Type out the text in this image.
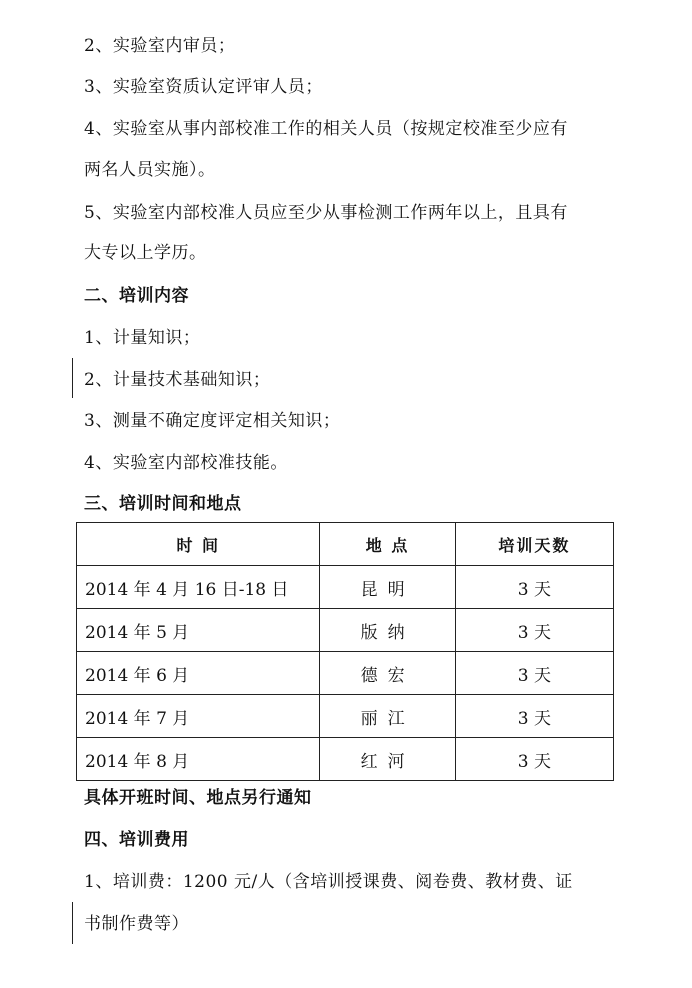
2、实验室内审员；
3、实验室资质认定评审人员；
4、实验室从事内部校准工作的相关人员（按规定校准至少应有
两名人员实施）。
5、实验室内部校准人员应至少从事检测工作两年以上，且具有
大专以上学历。
二、培训内容
1、计量知识；
2、计量技术基础知识；
3、测量不确定度评定相关知识；
4、实验室内部校准技能。
三、培训时间和地点
时 间	地 点	培训天数
2014 年 4 月 16 日-18 日	昆明	3 天
2014 年 5 月	版纳	3 天
2014 年 6 月	德宏	3 天
2014 年 7 月	丽江	3 天
2014 年 8 月	红河	3 天
具体开班时间、地点另行通知
四、培训费用
1、培训费：1200 元/人（含培训授课费、阅卷费、教材费、证
书制作费等）
